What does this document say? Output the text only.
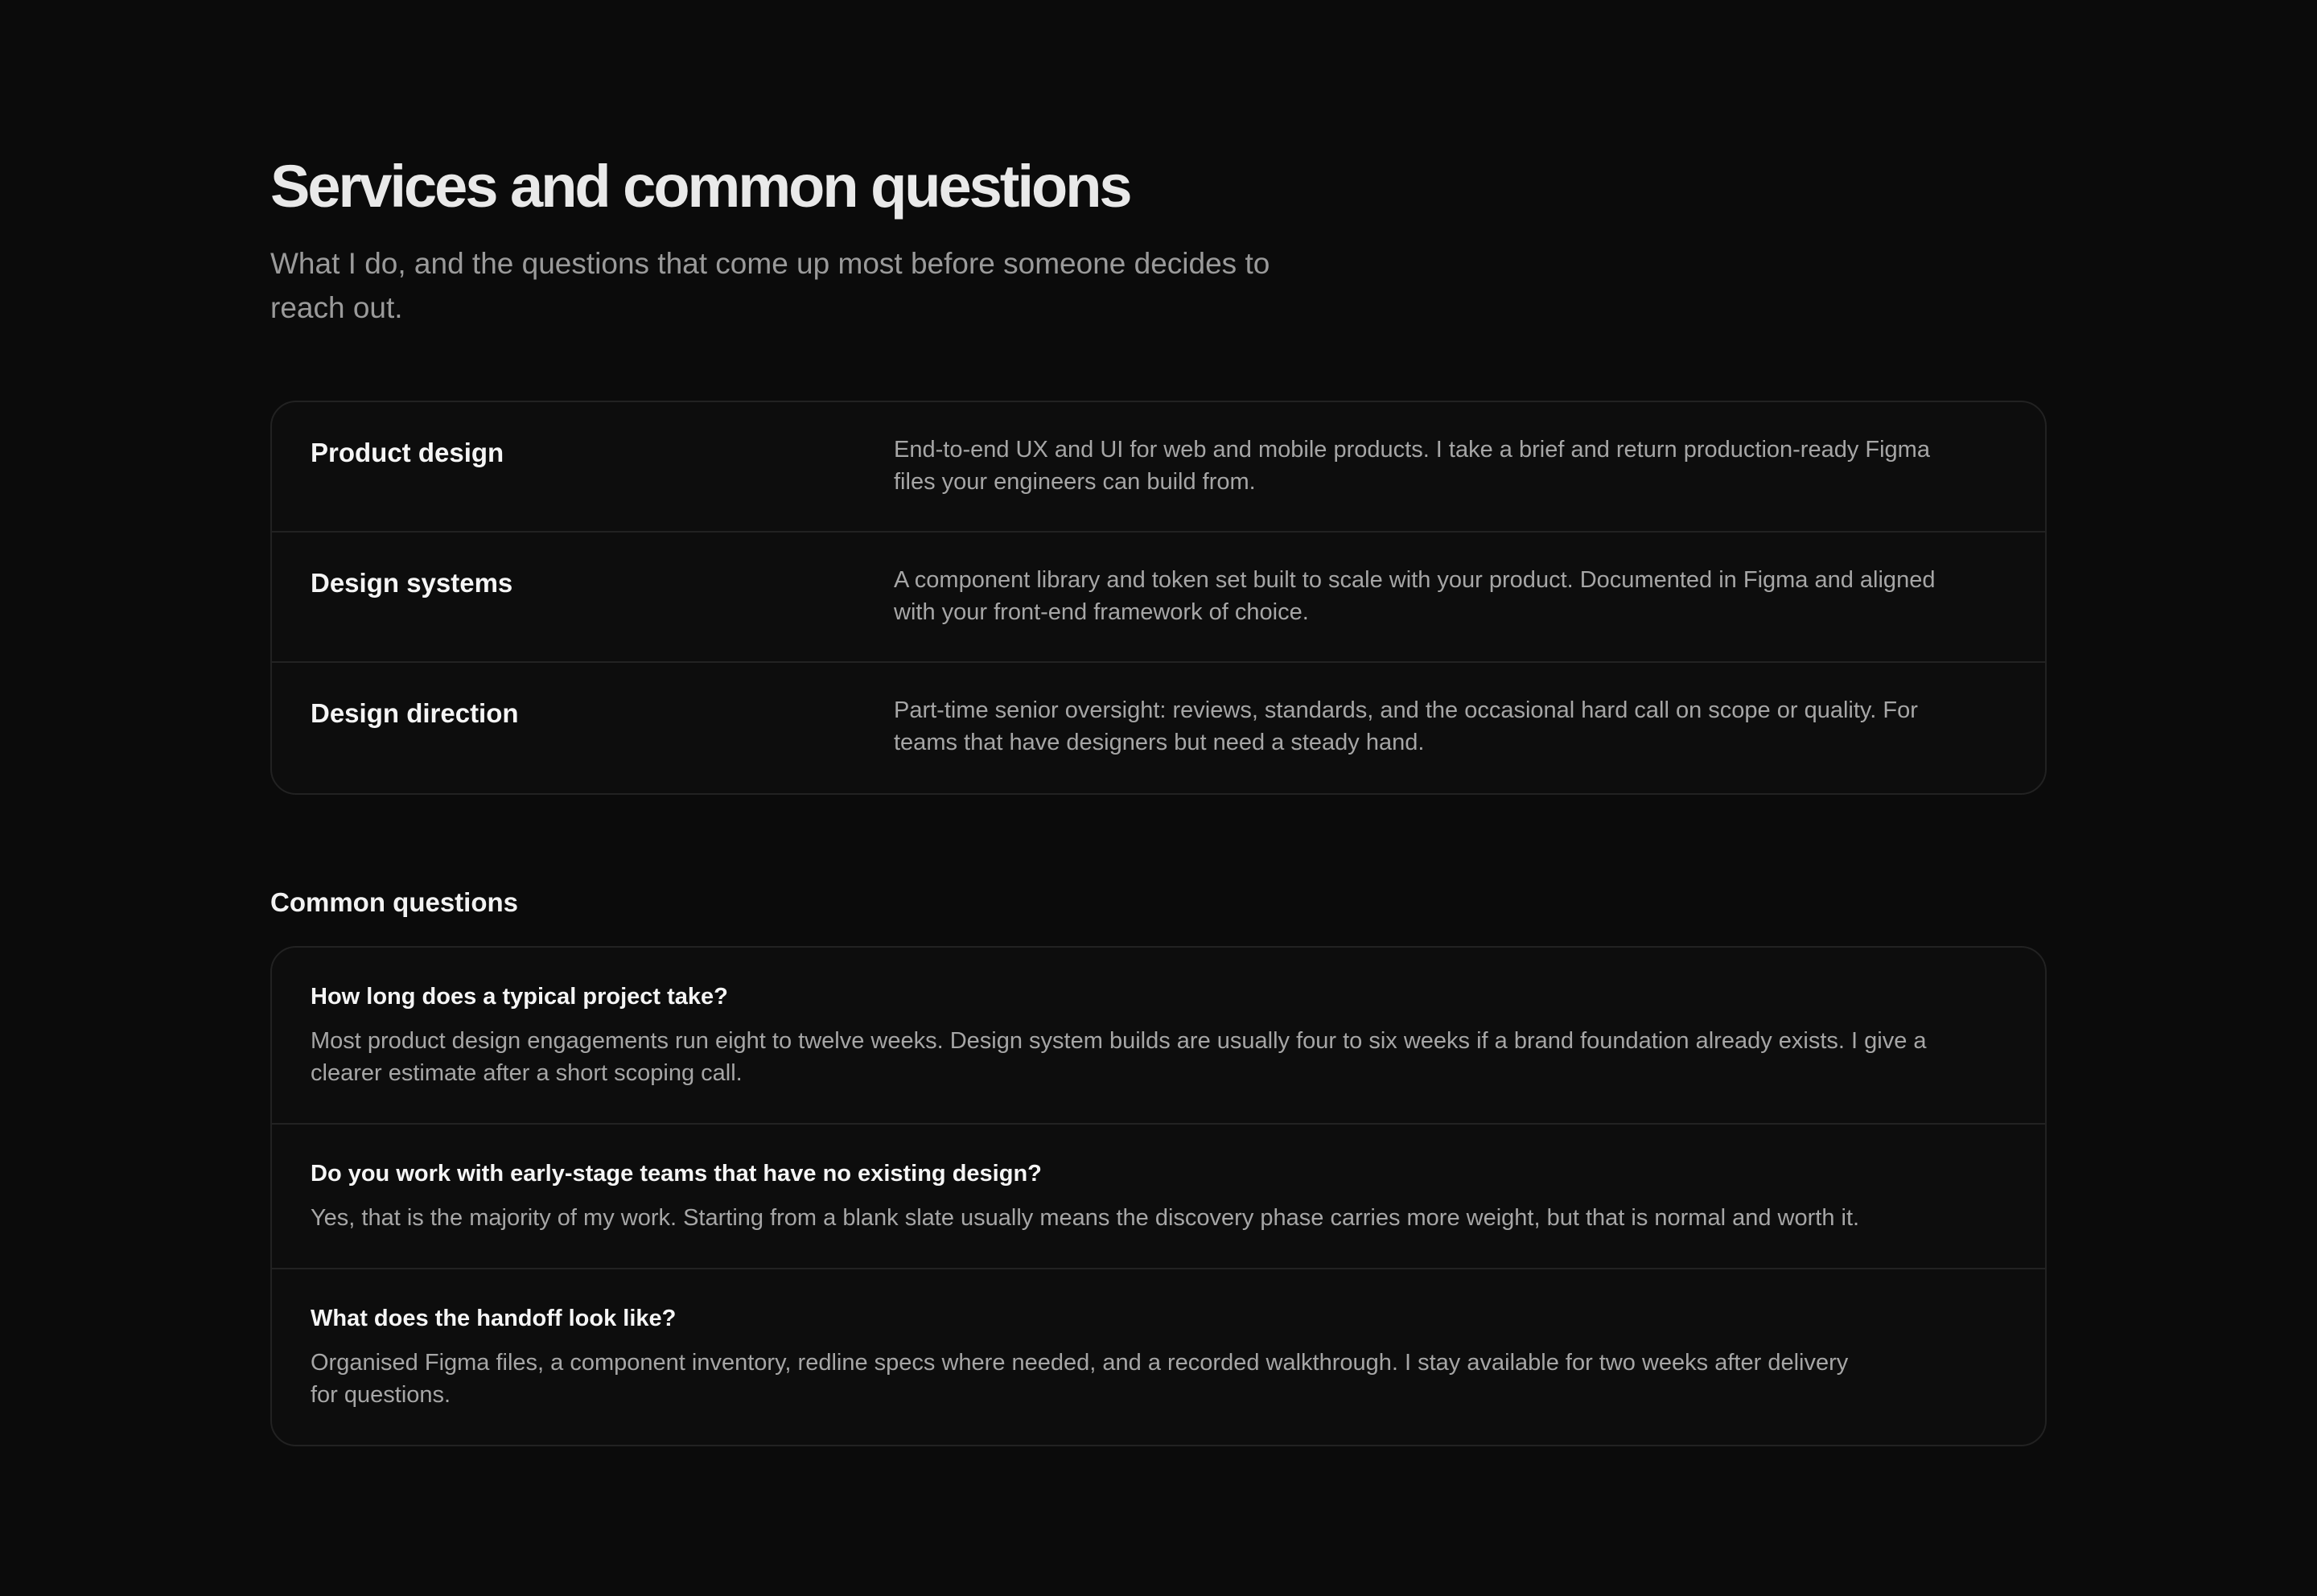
Services and common questions

What I do, and the questions that come up most before someone decides to reach out.

Product design	End-to-end UX and UI for web and mobile products. I take a brief and return production-ready Figma files your engineers can build from.
Design systems	A component library and token set built to scale with your product. Documented in Figma and aligned with your front-end framework of choice.
Design direction	Part-time senior oversight: reviews, standards, and the occasional hard call on scope or quality. For teams that have designers but need a steady hand.
Common questions
How long does a typical project take?
Most product design engagements run eight to twelve weeks. Design system builds are usually four to six weeks if a brand foundation already exists. I give a clearer estimate after a short scoping call.
Do you work with early-stage teams that have no existing design?
Yes, that is the majority of my work. Starting from a blank slate usually means the discovery phase carries more weight, but that is normal and worth it.
What does the handoff look like?
Organised Figma files, a component inventory, redline specs where needed, and a recorded walkthrough. I stay available for two weeks after delivery for questions.
